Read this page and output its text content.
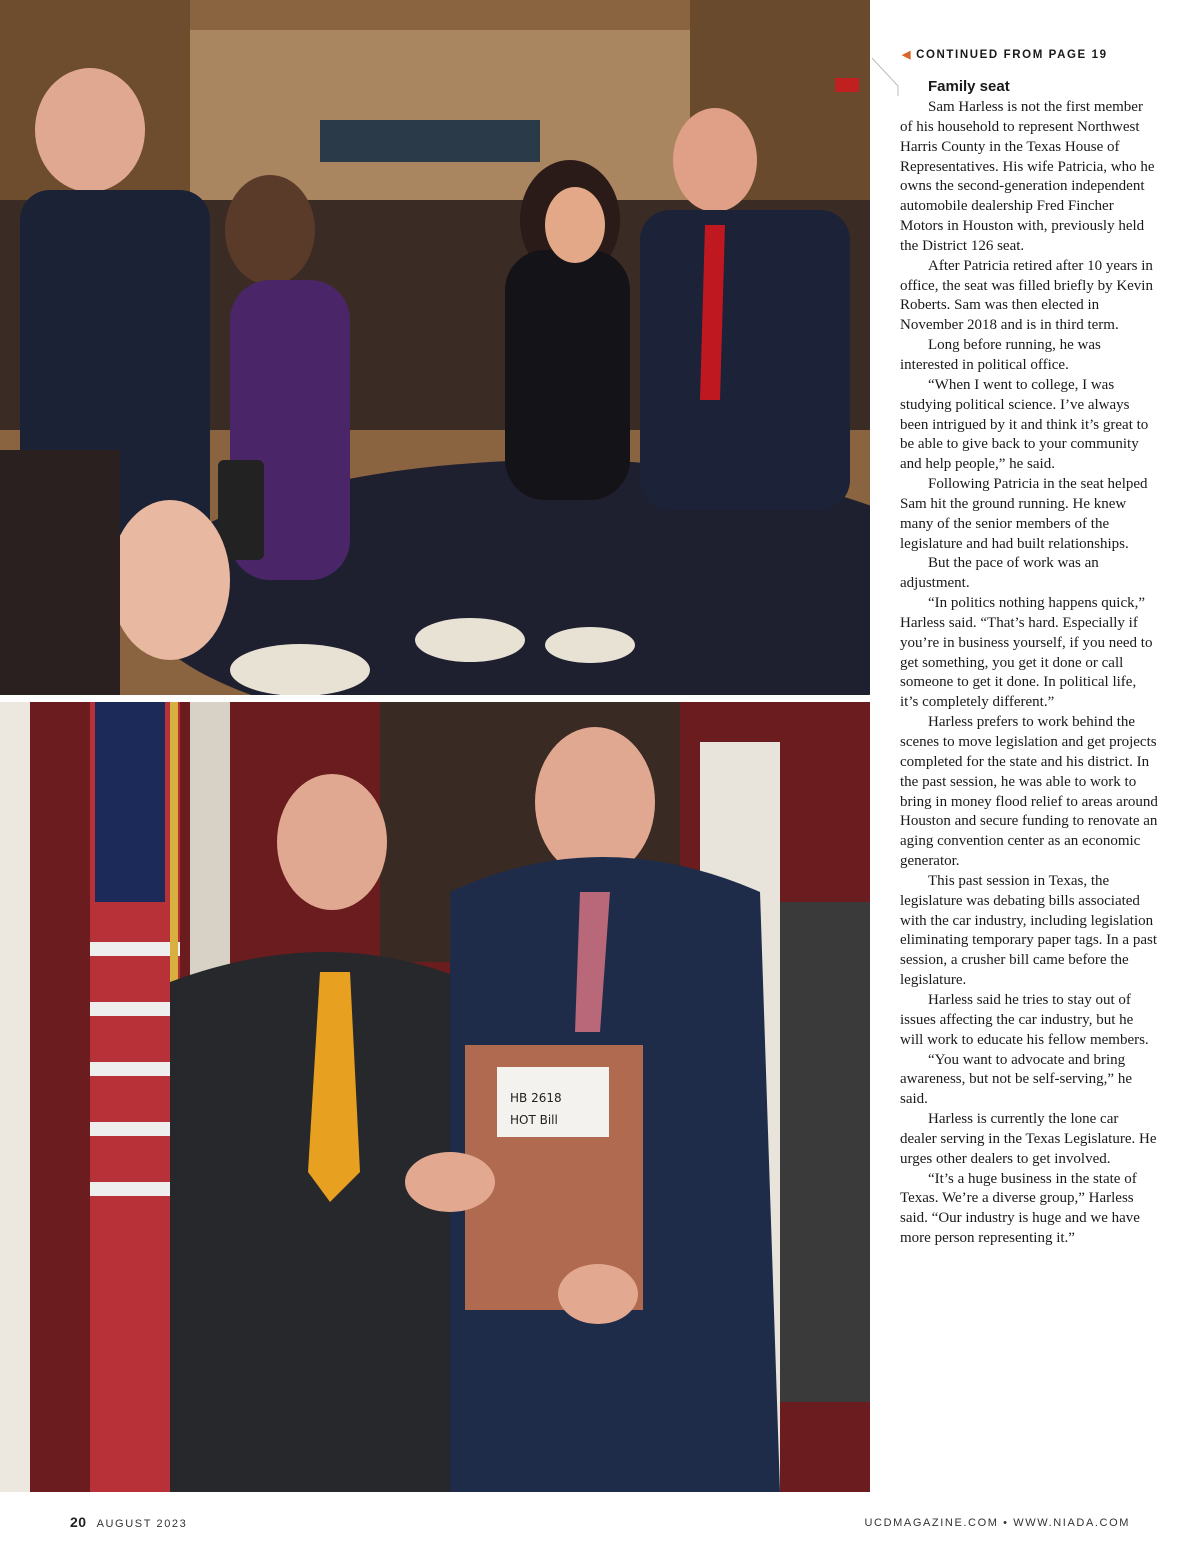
HB 2618
HOT Bill
◀ CONTINUED FROM PAGE 19
Family seat

Sam Harless is not the first member of his household to represent Northwest Harris County in the Texas House of Representatives. His wife Patricia, who he owns the second-generation independent automobile dealership Fred Fincher Motors in Houston with, previously held the District 126 seat.

After Patricia retired after 10 years in office, the seat was filled briefly by Kevin Roberts. Sam was then elected in November 2018 and is in third term.

Long before running, he was interested in political office.

“When I went to college, I was studying political science. I’ve always been intrigued by it and think it’s great to be able to give back to your community and help people,” he said.

Following Patricia in the seat helped Sam hit the ground running. He knew many of the senior members of the legislature and had built relationships.

But the pace of work was an adjustment.

“In politics nothing happens quick,” Harless said. “That’s hard. Especially if you’re in business yourself, if you need to get something, you get it done or call someone to get it done. In political life, it’s completely different.”

Harless prefers to work behind the scenes to move legislation and get projects completed for the state and his district. In the past session, he was able to work to bring in money flood relief to areas around Houston and secure funding to renovate an aging convention center as an economic generator.

This past session in Texas, the legislature was debating bills associated with the car industry, including legislation eliminating temporary paper tags. In a past session, a crusher bill came before the legislature.

Harless said he tries to stay out of issues affecting the car industry, but he will work to educate his fellow members.

“You want to advocate and bring awareness, but not be self-serving,” he said.

Harless is currently the lone car dealer serving in the Texas Legislature. He urges other dealers to get involved.

“It’s a huge business in the state of Texas. We’re a diverse group,” Harless said. “Our industry is huge and we have more person representing it.”

20 AUGUST 2023	UCDMAGAZINE.COM • WWW.NIADA.COM
